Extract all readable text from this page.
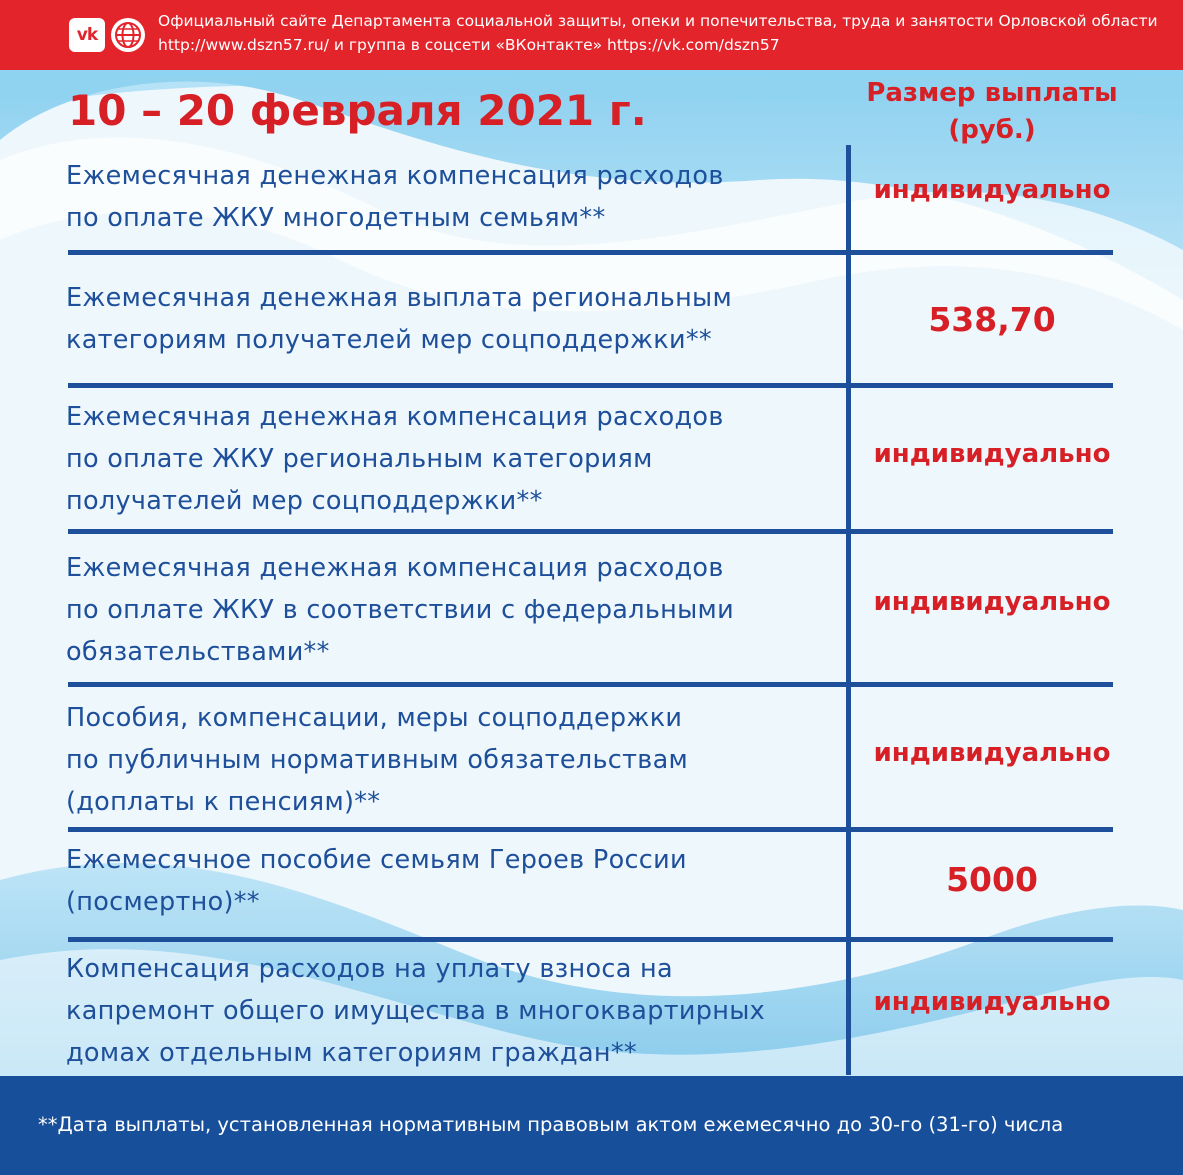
vk
Официальный сайте Департамента социальной защиты, опеки и попечительства, труда и занятости Орловской области
http://www.dszn57.ru/ и группа в соцсети «ВКонтакте» https://vk.com/dszn57
10 – 20 февраля 2021 г.	Размер выплаты
(руб.)
Ежемесячная денежная компенсация расходов
по оплате ЖКУ многодетным семьям**
индивидуально
Ежемесячная денежная выплата региональным
категориям получателей мер соцподдержки**
538,70
Ежемесячная денежная компенсация расходов
по оплате ЖКУ региональным категориям
получателей мер соцподдержки**
индивидуально
Ежемесячная денежная компенсация расходов
по оплате ЖКУ в соответствии с федеральными
обязательствами**
индивидуально
Пособия, компенсации, меры соцподдержки
по публичным нормативным обязательствам
(доплаты к пенсиям)**
индивидуально
Ежемесячное пособие семьям Героев России
(посмертно)**
5000
Компенсация расходов на уплату взноса на
капремонт общего имущества в многоквартирных
домах отдельным категориям граждан**
индивидуально
**Дата выплаты, установленная нормативным правовым актом ежемесячно до 30-го (31-го) числа
